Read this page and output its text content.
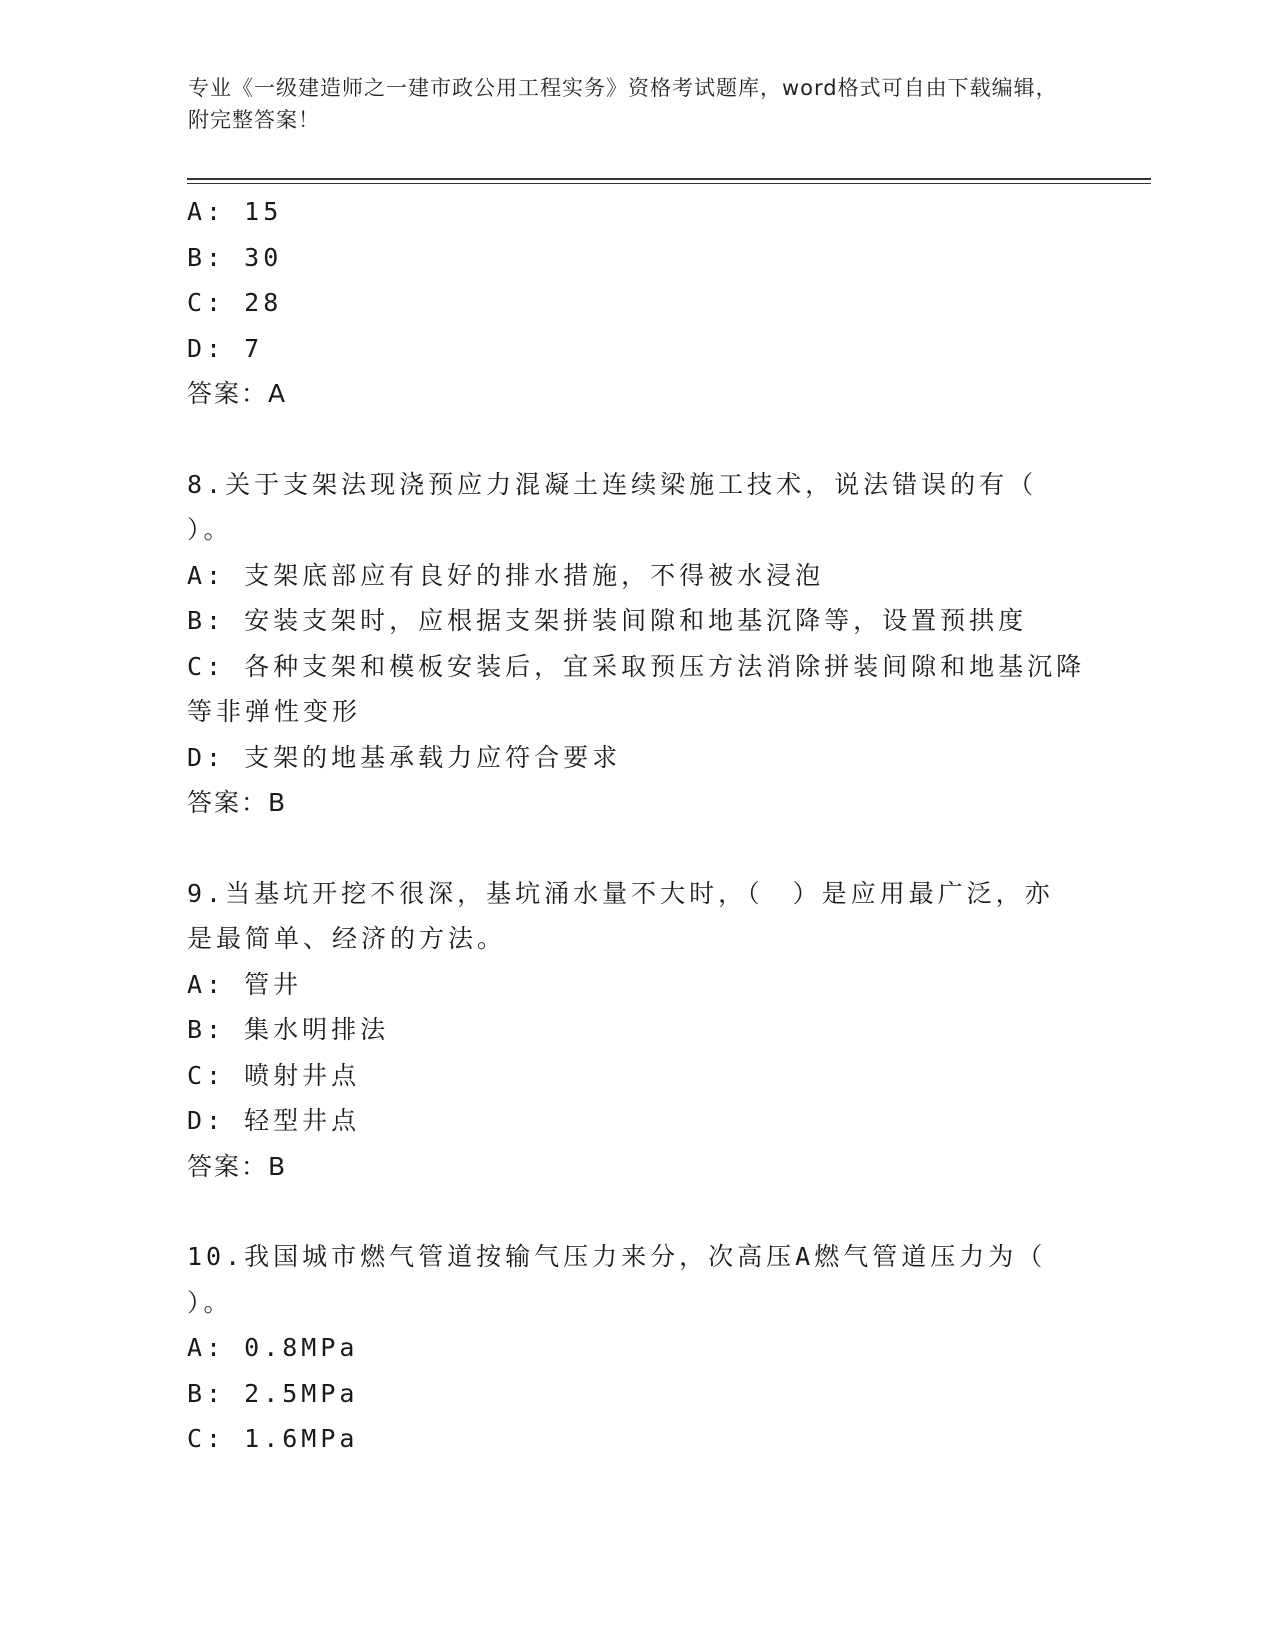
专业《一级建造师之一建市政公用工程实务》资格考试题库，word格式可自由下载编辑，附完整答案！
A: 15
B: 30
C: 28
D: 7
答案：A
8.关于支架法现浇预应力混凝土连续梁施工技术，说法错误的有（
）。
A: 支架底部应有良好的排水措施，不得被水浸泡
B: 安装支架时，应根据支架拼装间隙和地基沉降等，设置预拱度
C: 各种支架和模板安装后，宜采取预压方法消除拼装间隙和地基沉降
等非弹性变形
D: 支架的地基承载力应符合要求
答案：B
9.当基坑开挖不很深，基坑涌水量不大时，（　）是应用最广泛，亦
是最简单、经济的方法。
A: 管井
B: 集水明排法
C: 喷射井点
D: 轻型井点
答案：B
10.我国城市燃气管道按输气压力来分，次高压A燃气管道压力为（
）。
A: 0.8MPa
B: 2.5MPa
C: 1.6MPa
